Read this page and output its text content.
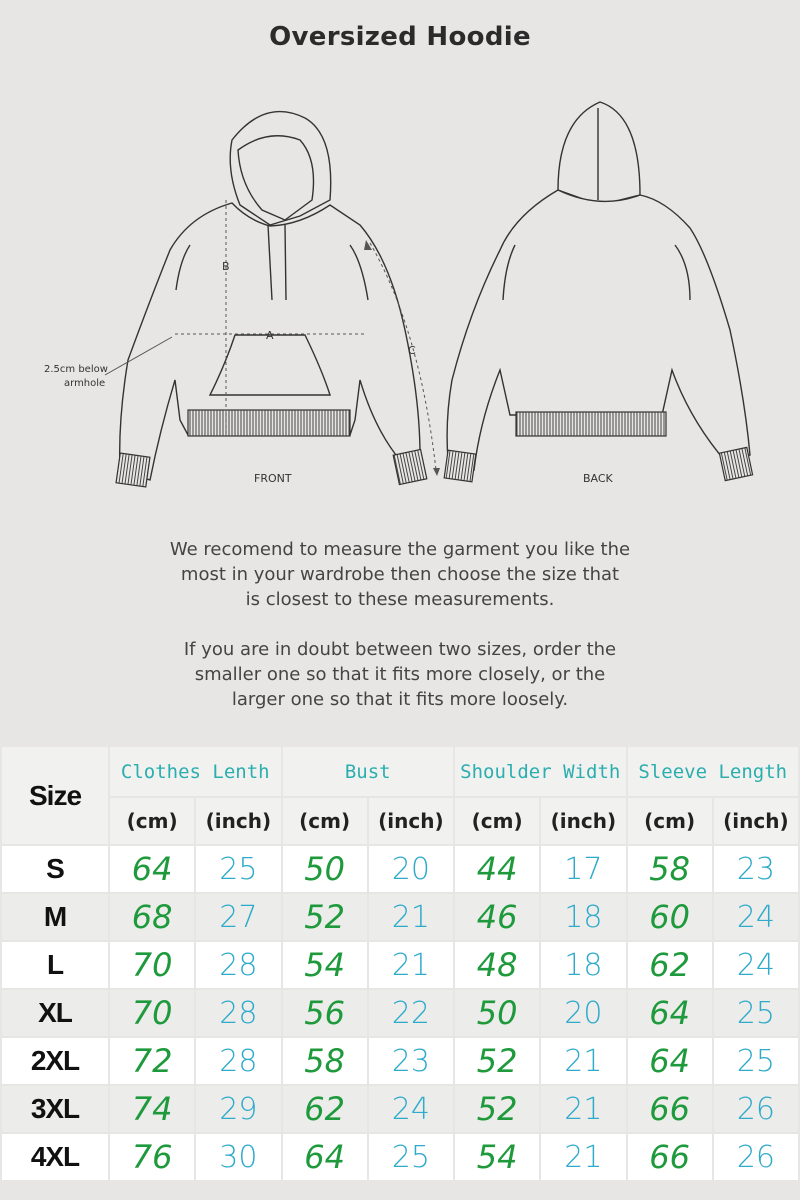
Oversized Hoodie
B
A
C
2.5cm below
armhole
FRONT	BACK
We recomend to measure the garment you like the
most in your wardrobe then choose the size that
is closest to these measurements.
If you are in doubt between two sizes, order the
smaller one so that it fits more closely, or the
larger one so that it fits more loosely.
Size	Clothes Lenth		Bust		Shoulder Width		Sleeve Length	
	(cm)	(inch)	(cm)	(inch)	(cm)	(inch)	(cm)	(inch)
S	64	25	50	20	44	17	58	23
M	68	27	52	21	46	18	60	24
L	70	28	54	21	48	18	62	24
XL	70	28	56	22	50	20	64	25
2XL	72	28	58	23	52	21	64	25
3XL	74	29	62	24	52	21	66	26
4XL	76	30	64	25	54	21	66	26
